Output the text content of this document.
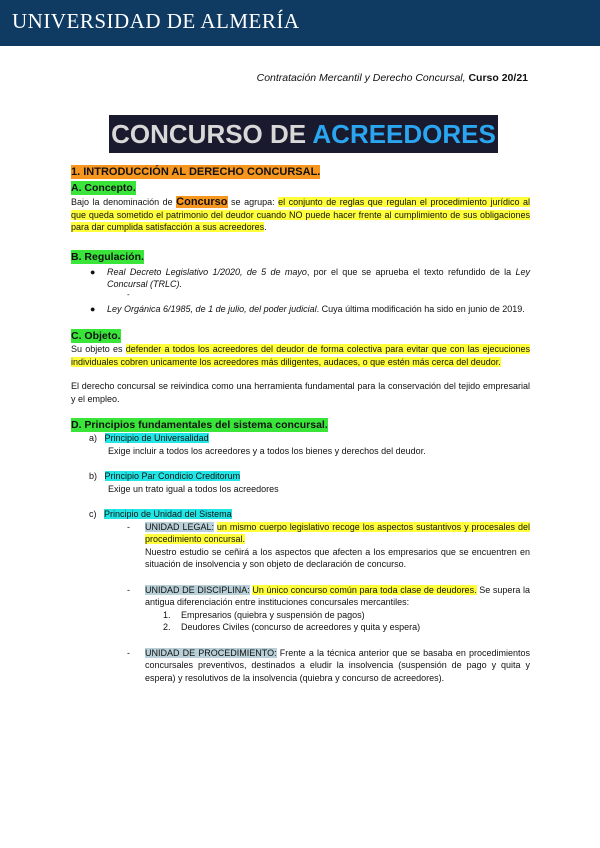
UNIVERSIDAD DE ALMERÍA
Contratación Mercantil y Derecho Concursal, Curso 20/21
CONCURSO DE ACREEDORES
1. INTRODUCCIÓN AL DERECHO CONCURSAL.
A. Concepto.

Bajo la denominación de Concurso se agrupa: el conjunto de reglas que regulan el procedimiento jurídico al que queda sometido el patrimonio del deudor cuando NO puede hacer frente al cumplimiento de sus obligaciones para dar cumplida satisfacción a sus acreedores.

B. Regulación.

● Real Decreto Legislativo 1/2020, de 5 de mayo, por el que se aprueba el texto refundido de la Ley Concursal (TRLC).

-

● Ley Orgánica 6/1985, de 1 de julio, del poder judicial. Cuya última modificación ha sido en junio de 2019.

C. Objeto.

Su objeto es defender a todos los acreedores del deudor de forma colectiva para evitar que con las ejecuciones individuales cobren unicamente los acreedores más diligentes, audaces, o que estén más cerca del deudor.

El derecho concursal se reivindica como una herramienta fundamental para la conservación del tejido empresarial y el empleo.

D. Principios fundamentales del sistema concursal.
a) Principio de Universalidad
Exige incluir a todos los acreedores y a todos los bienes y derechos del deudor.
b) Principio Par Condicio Creditorum
Exige un trato igual a todos los acreedores
c) Principio de Unidad del Sistema

- UNIDAD LEGAL: un mismo cuerpo legislativo recoge los aspectos sustantivos y procesales del procedimiento concursal.

Nuestro estudio se ceñirá a los aspectos que afecten a los empresarios que se encuentren en situación de insolvencia y son objeto de declaración de concurso.

- UNIDAD DE DISCIPLINA: Un único concurso común para toda clase de deudores. Se supera la antigua diferenciación entre instituciones concursales mercantiles:

1.	Empresarios (quiebra y suspensión de pagos)
2.	Deudores Civiles (concurso de acreedores y quita y espera)

- UNIDAD DE PROCEDIMIENTO: Frente a la técnica anterior que se basaba en procedimientos concursales preventivos, destinados a eludir la insolvencia (suspensión de pago y quita y espera) y resolutivos de la insolvencia (quiebra y concurso de acreedores).
